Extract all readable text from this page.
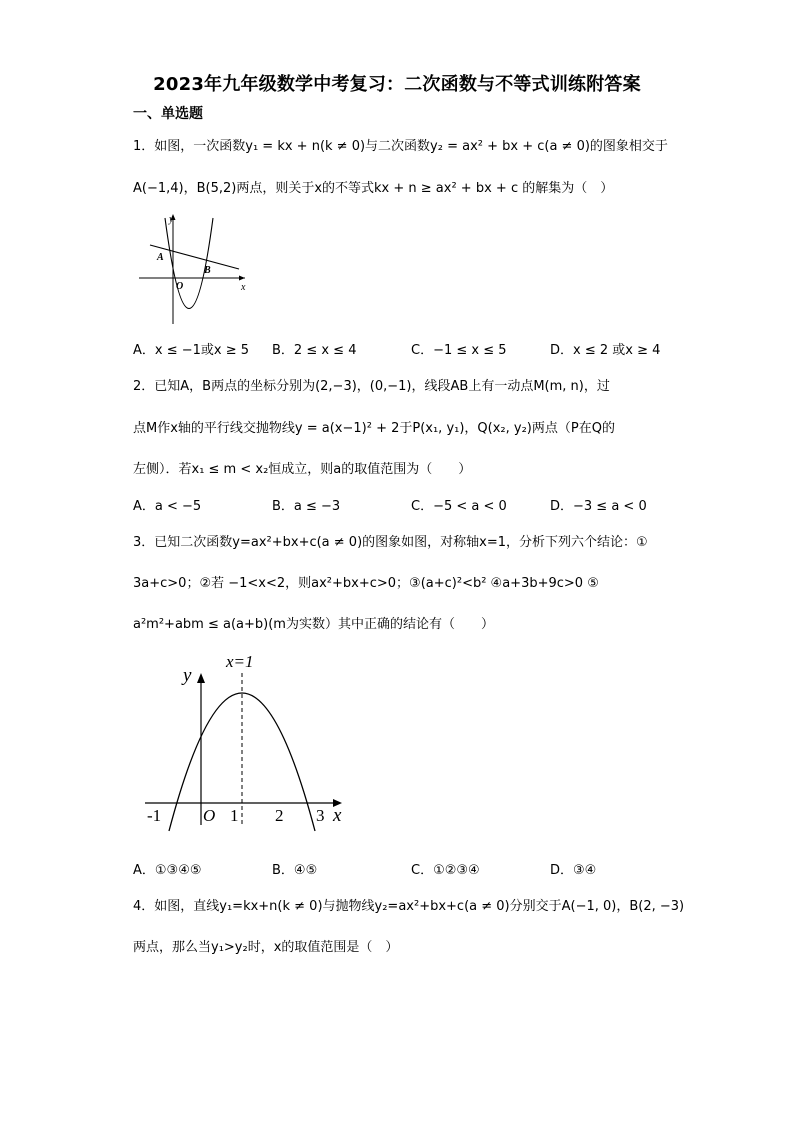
2023年九年级数学中考复习：二次函数与不等式训练附答案
一、单选题
1．如图，一次函数y₁ = kx + n(k ≠ 0)与二次函数y₂ = ax² + bx + c(a ≠ 0)的图象相交于
A(−1,4)，B(5,2)两点，则关于x的不等式kx + n ≥ ax² + bx + c 的解集为（　）
y
x
A
B
O
A．x ≤ −1或x ≥ 5 B．2 ≤ x ≤ 4	C．−1 ≤ x ≤ 5	D．x ≤ 2 或x ≥ 4
2．已知A，B两点的坐标分别为(2,−3)，(0,−1)，线段AB上有一动点M(m, n)，过
点M作x轴的平行线交抛物线y = a(x−1)² + 2于P(x₁, y₁)，Q(x₂, y₂)两点（P在Q的
左侧）．若x₁ ≤ m < x₂恒成立，则a的取值范围为（　　）
A．a < −5	B．a ≤ −3	C．−5 < a < 0	D．−3 ≤ a < 0
3．已知二次函数y=ax²+bx+c(a ≠ 0)的图象如图，对称轴x=1，分析下列六个结论：①
3a+c>0；②若 −1<x<2，则ax²+bx+c>0；③(a+c)²<b² ④a+3b+9c>0 ⑤
a²m²+abm ≤ a(a+b)(m为实数）其中正确的结论有（　　）
x=1
y
x
O
-1	1 2 3
A．①③④⑤	B．④⑤	C．①②③④	D．③④
4．如图，直线y₁=kx+n(k ≠ 0)与抛物线y₂=ax²+bx+c(a ≠ 0)分别交于A(−1, 0)，B(2, −3)
两点，那么当y₁>y₂时，x的取值范围是（　）
